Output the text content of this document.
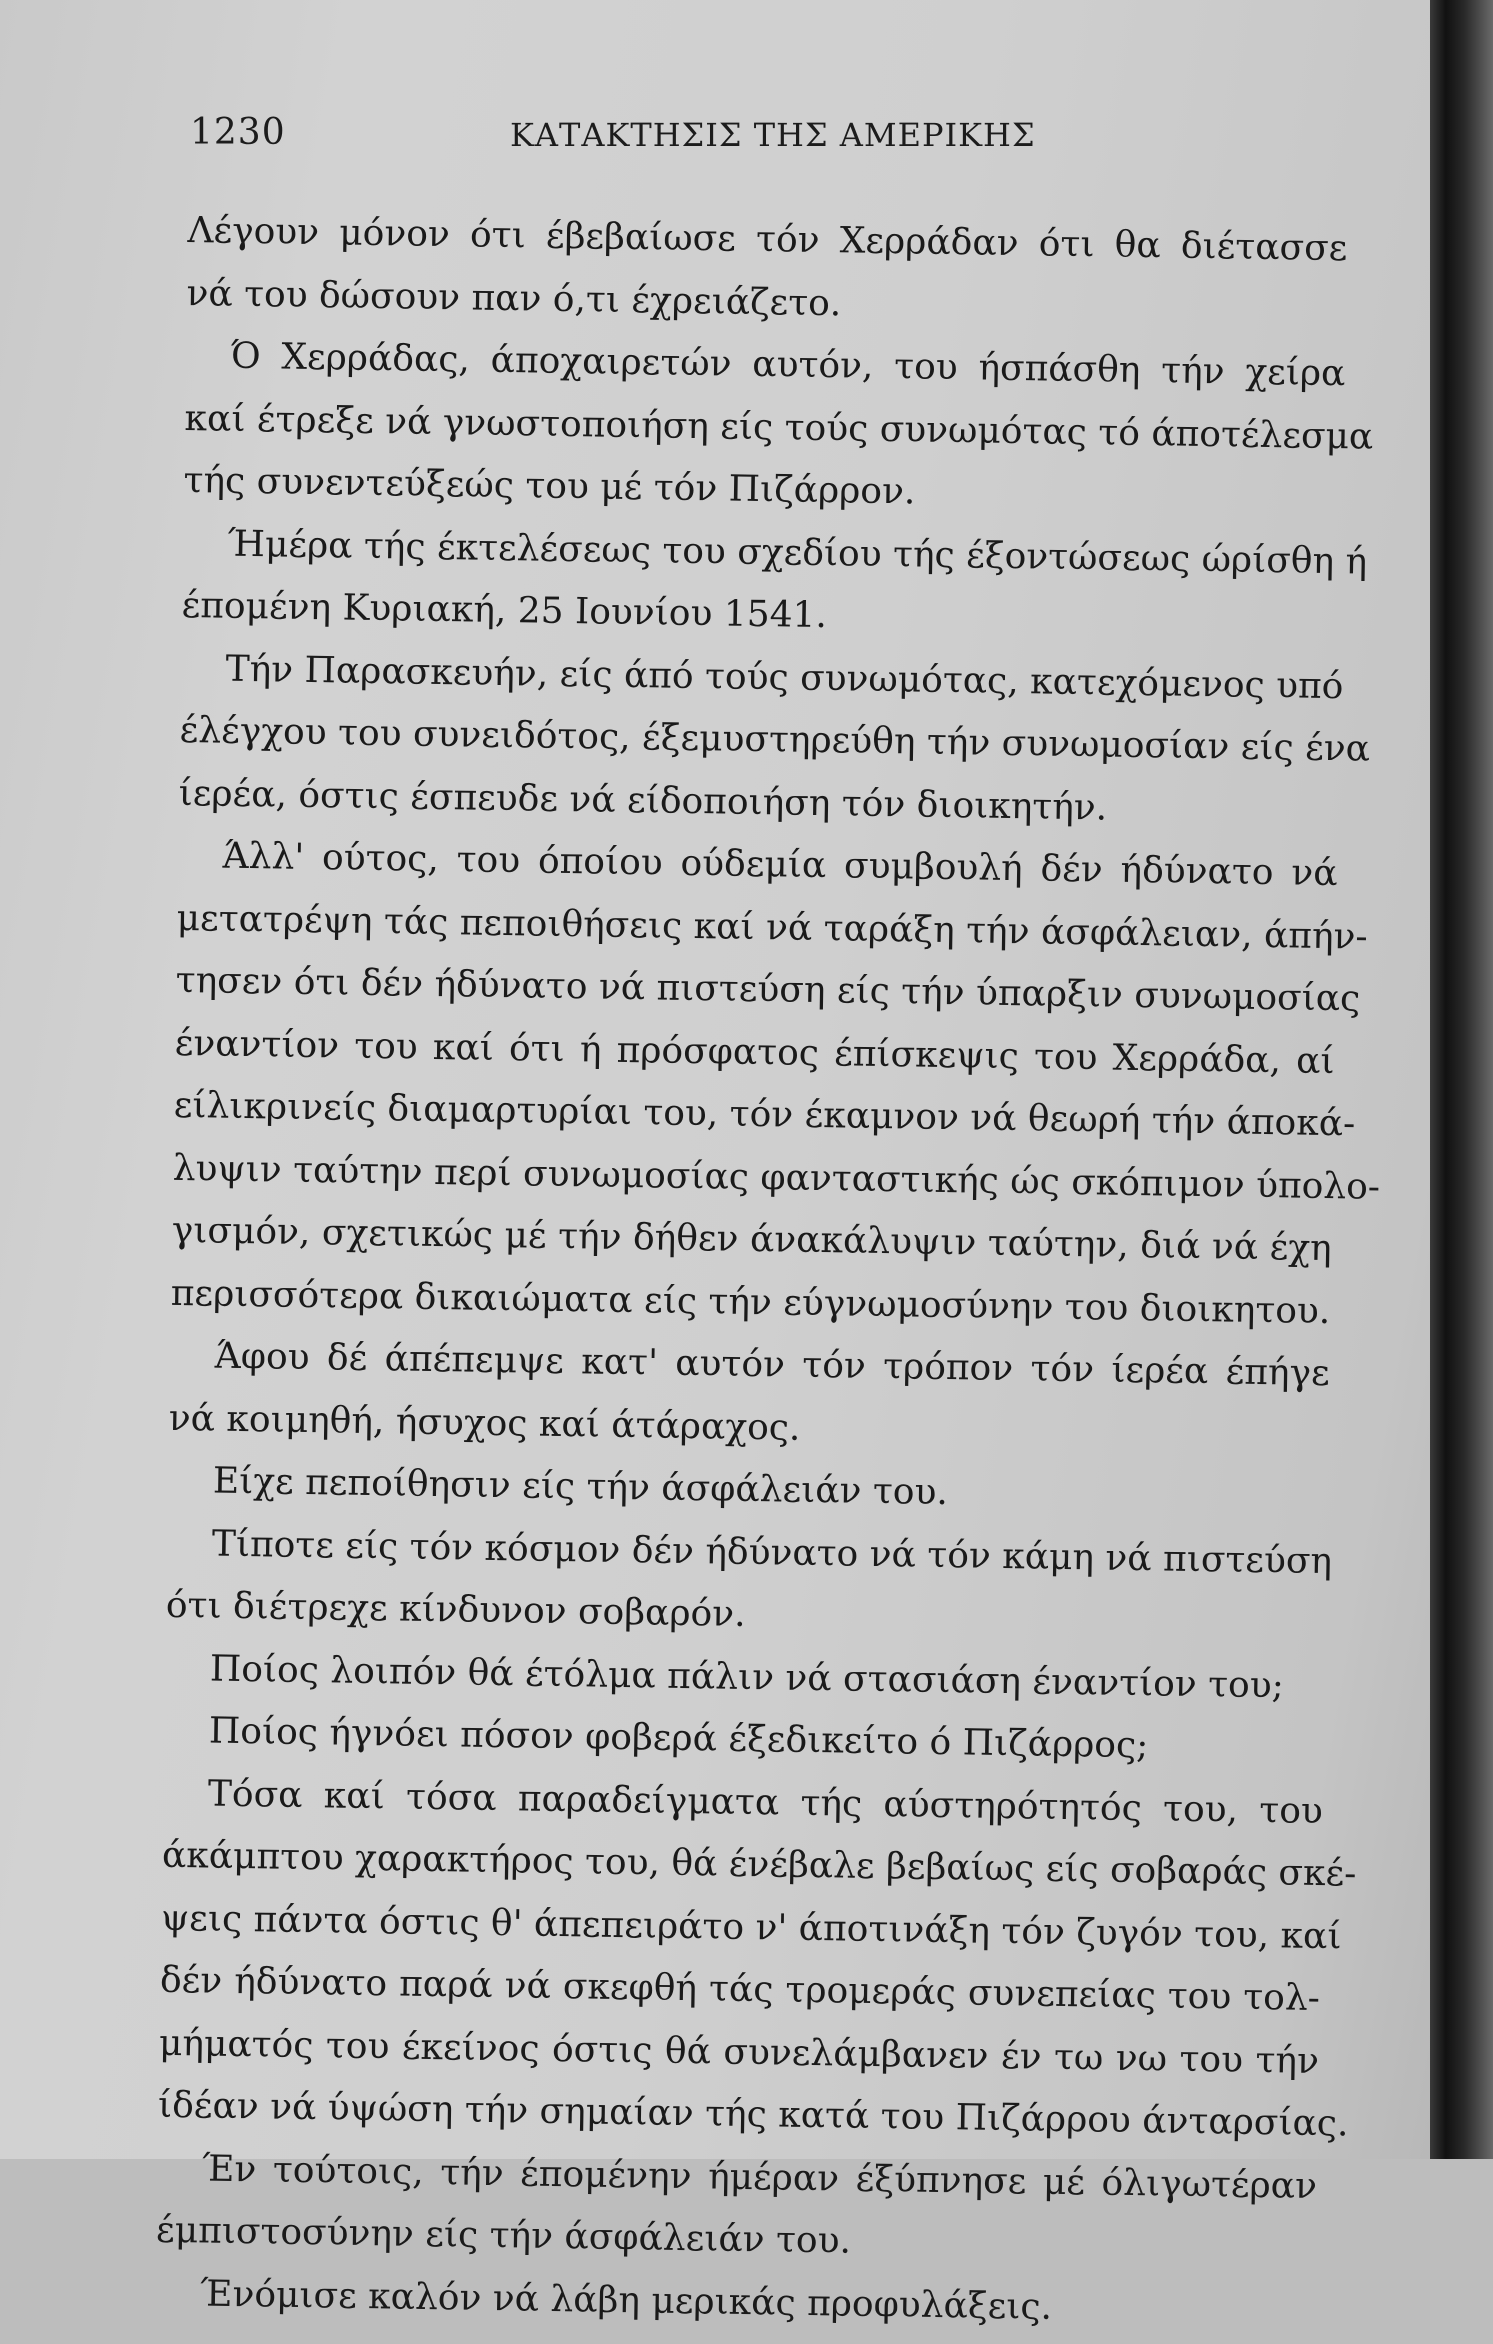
1230	ΚΑΤΑΚΤΗΣΙΣ ΤΗΣ ΑΜΕΡΙΚΗΣ
Λέγουν μόνον ότι έβεβαίωσε τόν Χερράδαν ότι θα διέτασσε
νά του δώσουν παν ό,τι έχρειάζετο.
Ό Χερράδας, άποχαιρετών αυτόν, του ήσπάσθη τήν χείρα
καί έτρεξε νά γνωστοποιήση είς τούς συνωμότας τό άποτέλεσμα
τής συνεντεύξεώς του μέ τόν Πιζάρρον.
Ήμέρα τής έκτελέσεως του σχεδίου τής έξοντώσεως ώρίσθη ή
έπομένη Κυριακή, 25 Ιουνίου 1541.
Τήν Παρασκευήν, είς άπό τούς συνωμότας, κατεχόμενος υπό
έλέγχου του συνειδότος, έξεμυστηρεύθη τήν συνωμοσίαν είς ένα
ίερέα, όστις έσπευδε νά είδοποιήση τόν διοικητήν.
Άλλ' ούτος, του όποίου ούδεμία συμβουλή δέν ήδύνατο νά
μετατρέψη τάς πεποιθήσεις καί νά ταράξη τήν άσφάλειαν, άπήν-
τησεν ότι δέν ήδύνατο νά πιστεύση είς τήν ύπαρξιν συνωμοσίας
έναντίον του καί ότι ή πρόσφατος έπίσκεψις του Χερράδα, αί
είλικρινείς διαμαρτυρίαι του, τόν έκαμνον νά θεωρή τήν άποκά-
λυψιν ταύτην περί συνωμοσίας φανταστικής ώς σκόπιμον ύπολο-
γισμόν, σχετικώς μέ τήν δήθεν άνακάλυψιν ταύτην, διά νά έχη
περισσότερα δικαιώματα είς τήν εύγνωμοσύνην του διοικητου.
Άφου δέ άπέπεμψε κατ' αυτόν τόν τρόπον τόν ίερέα έπήγε
νά κοιμηθή, ήσυχος καί άτάραχος.
Είχε πεποίθησιν είς τήν άσφάλειάν του.
Τίποτε είς τόν κόσμον δέν ήδύνατο νά τόν κάμη νά πιστεύση
ότι διέτρεχε κίνδυνον σοβαρόν.
Ποίος λοιπόν θά έτόλμα πάλιν νά στασιάση έναντίον του;
Ποίος ήγνόει πόσον φοβερά έξεδικείτο ό Πιζάρρος;
Τόσα καί τόσα παραδείγματα τής αύστηρότητός του, του
άκάμπτου χαρακτήρος του, θά ένέβαλε βεβαίως είς σοβαράς σκέ-
ψεις πάντα όστις θ' άπεπειράτο ν' άποτινάξη τόν ζυγόν του, καί
δέν ήδύνατο παρά νά σκεφθή τάς τρομεράς συνεπείας του τολ-
μήματός του έκείνος όστις θά συνελάμβανεν έν τω νω του τήν
ίδέαν νά ύψώση τήν σημαίαν τής κατά του Πιζάρρου άνταρσίας.
Έν τούτοις, τήν έπομένην ήμέραν έξύπνησε μέ όλιγωτέραν
έμπιστοσύνην είς τήν άσφάλειάν του.
Ένόμισε καλόν νά λάβη μερικάς προφυλάξεις.
